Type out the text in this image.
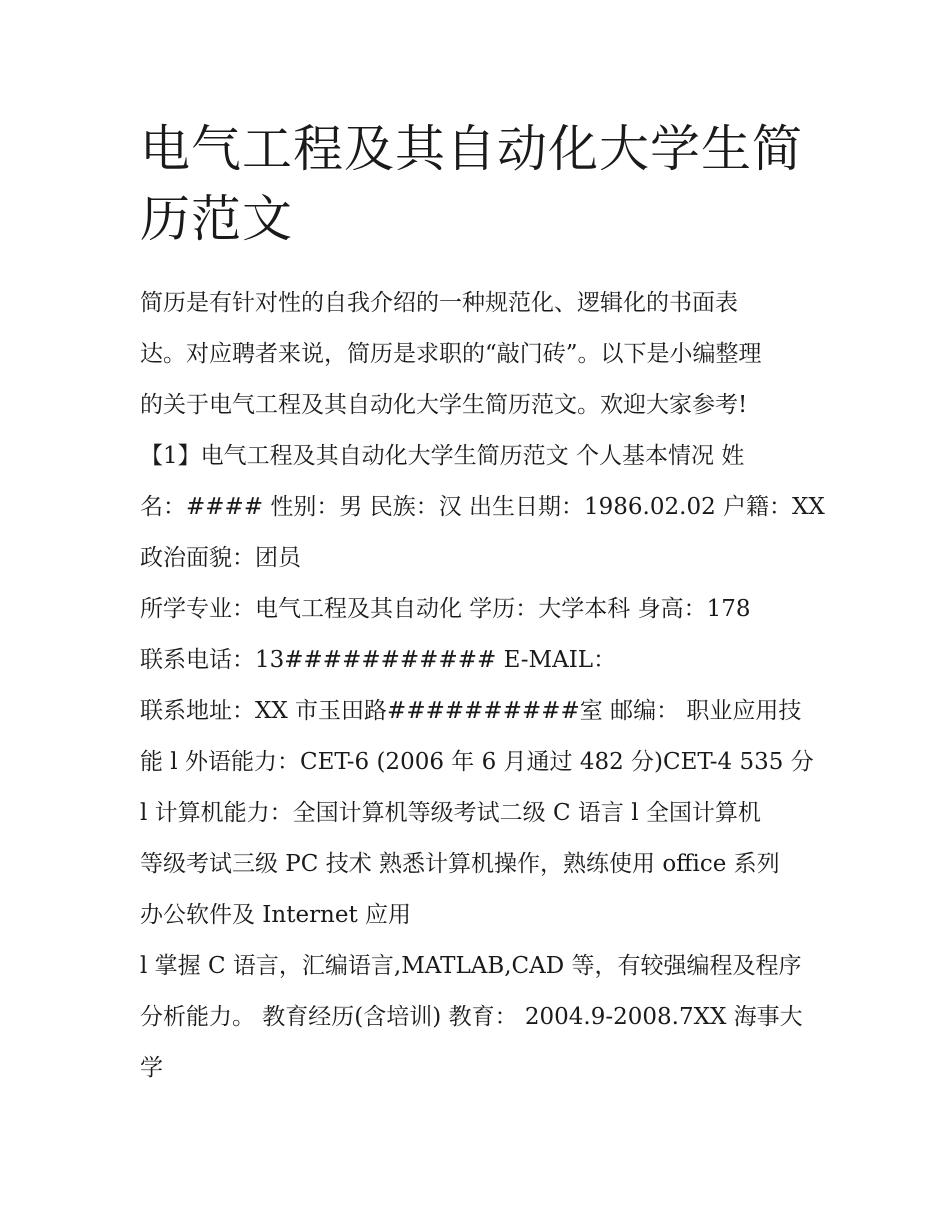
电气工程及其自动化大学生简
历范文
简历是有针对性的自我介绍的一种规范化、逻辑化的书面表
达。对应聘者来说，简历是求职的“敲门砖”。以下是小编整理
的关于电气工程及其自动化大学生简历范文。欢迎大家参考!
【1】电气工程及其自动化大学生简历范文 个人基本情况 姓
名：#### 性别：男 民族：汉 出生日期：1986.02.02 户籍：XX
政治面貌：团员
所学专业：电气工程及其自动化 学历：大学本科 身高：178
联系电话：13########### E-MAIL：
联系地址：XX 市玉田路##########室 邮编： 职业应用技
能 l 外语能力：CET-6 (2006 年 6 月通过 482 分)CET-4 535 分
l 计算机能力：全国计算机等级考试二级 C 语言 l 全国计算机
等级考试三级 PC 技术 熟悉计算机操作，熟练使用 office 系列
办公软件及 Internet 应用
l 掌握 C 语言，汇编语言,MATLAB,CAD 等，有较强编程及程序
分析能力。 教育经历(含培训) 教育： 2004.9-2008.7XX 海事大
学
